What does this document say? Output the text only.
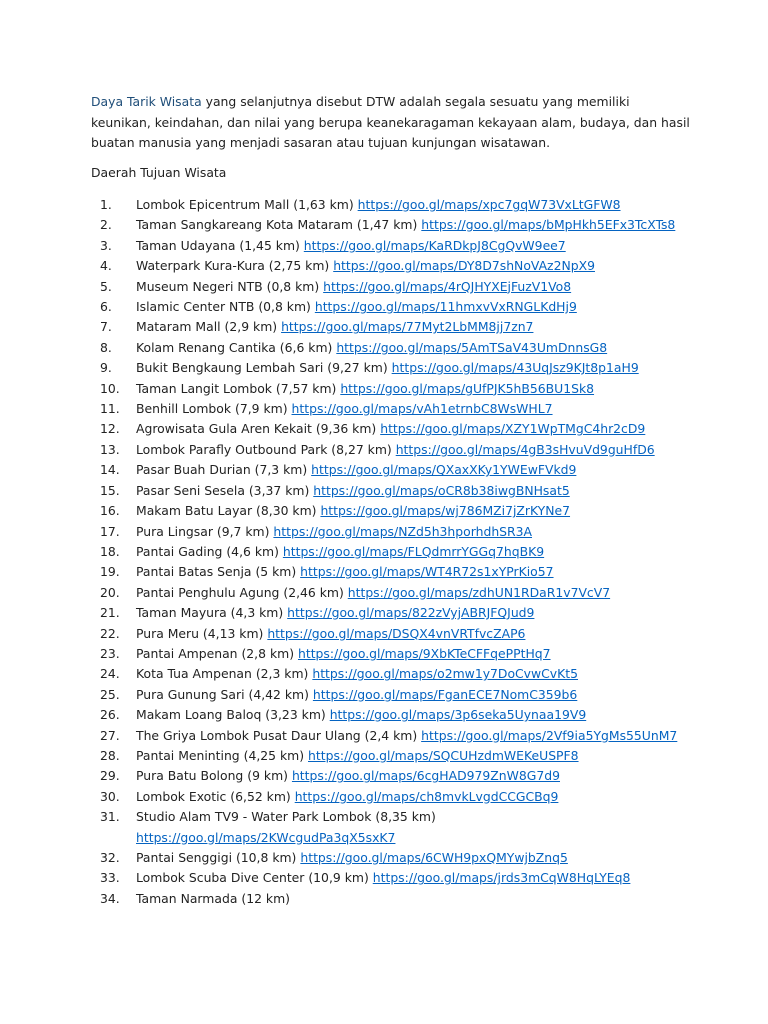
Daya Tarik Wisata yang selanjutnya disebut DTW adalah segala sesuatu yang memiliki keunikan, keindahan, dan nilai yang berupa keanekaragaman kekayaan alam, budaya, dan hasil buatan manusia yang menjadi sasaran atau tujuan kunjungan wisatawan.

Daerah Tujuan Wisata

1.	Lombok Epicentrum Mall (1,63 km) https://goo.gl/maps/xpc7gqW73VxLtGFW8
2.	Taman Sangkareang Kota Mataram (1,47 km) https://goo.gl/maps/bMpHkh5EFx3TcXTs8
3.	Taman Udayana (1,45 km) https://goo.gl/maps/KaRDkpJ8CgQvW9ee7
4.	Waterpark Kura-Kura (2,75 km) https://goo.gl/maps/DY8D7shNoVAz2NpX9
5.	Museum Negeri NTB (0,8 km) https://goo.gl/maps/4rQJHYXEjFuzV1Vo8
6.	Islamic Center NTB (0,8 km) https://goo.gl/maps/11hmxvVxRNGLKdHj9
7.	Mataram Mall (2,9 km) https://goo.gl/maps/77Myt2LbMM8jj7zn7
8.	Kolam Renang Cantika (6,6 km) https://goo.gl/maps/5AmTSaV43UmDnnsG8
9.	Bukit Bengkaung Lembah Sari (9,27 km) https://goo.gl/maps/43UqJsz9KJt8p1aH9
10.	Taman Langit Lombok (7,57 km) https://goo.gl/maps/gUfPJK5hB56BU1Sk8
11.	Benhill Lombok (7,9 km) https://goo.gl/maps/vAh1etrnbC8WsWHL7
12.	Agrowisata Gula Aren Kekait (9,36 km) https://goo.gl/maps/XZY1WpTMgC4hr2cD9
13.	Lombok Parafly Outbound Park (8,27 km) https://goo.gl/maps/4gB3sHvuVd9guHfD6
14.	Pasar Buah Durian (7,3 km) https://goo.gl/maps/QXaxXKy1YWEwFVkd9
15.	Pasar Seni Sesela (3,37 km) https://goo.gl/maps/oCR8b38iwgBNHsat5
16.	Makam Batu Layar (8,30 km) https://goo.gl/maps/wj786MZi7jZrKYNe7
17.	Pura Lingsar (9,7 km) https://goo.gl/maps/NZd5h3hporhdhSR3A
18.	Pantai Gading (4,6 km) https://goo.gl/maps/FLQdmrrYGGq7hqBK9
19.	Pantai Batas Senja (5 km) https://goo.gl/maps/WT4R72s1xYPrKio57
20.	Pantai Penghulu Agung (2,46 km) https://goo.gl/maps/zdhUN1RDaR1v7VcV7
21.	Taman Mayura (4,3 km) https://goo.gl/maps/822zVyjABRJFQJud9
22.	Pura Meru (4,13 km) https://goo.gl/maps/DSQX4vnVRTfvcZAP6
23.	Pantai Ampenan (2,8 km) https://goo.gl/maps/9XbKTeCFFqePPtHq7
24.	Kota Tua Ampenan (2,3 km) https://goo.gl/maps/o2mw1y7DoCvwCvKt5
25.	Pura Gunung Sari (4,42 km) https://goo.gl/maps/FganECE7NomC359b6
26.	Makam Loang Baloq (3,23 km) https://goo.gl/maps/3p6seka5Uynaa19V9
27.	The Griya Lombok Pusat Daur Ulang (2,4 km) https://goo.gl/maps/2Vf9ia5YgMs55UnM7
28.	Pantai Meninting (4,25 km) https://goo.gl/maps/SQCUHzdmWEKeUSPF8
29.	Pura Batu Bolong (9 km) https://goo.gl/maps/6cgHAD979ZnW8G7d9
30.	Lombok Exotic (6,52 km) https://goo.gl/maps/ch8mvkLvgdCCGCBq9
31.	Studio Alam TV9 - Water Park Lombok (8,35 km)
https://goo.gl/maps/2KWcgudPa3qX5sxK7
32.	Pantai Senggigi (10,8 km) https://goo.gl/maps/6CWH9pxQMYwjbZnq5
33.	Lombok Scuba Dive Center (10,9 km) https://goo.gl/maps/jrds3mCqW8HqLYEq8
34.	Taman Narmada (12 km)
